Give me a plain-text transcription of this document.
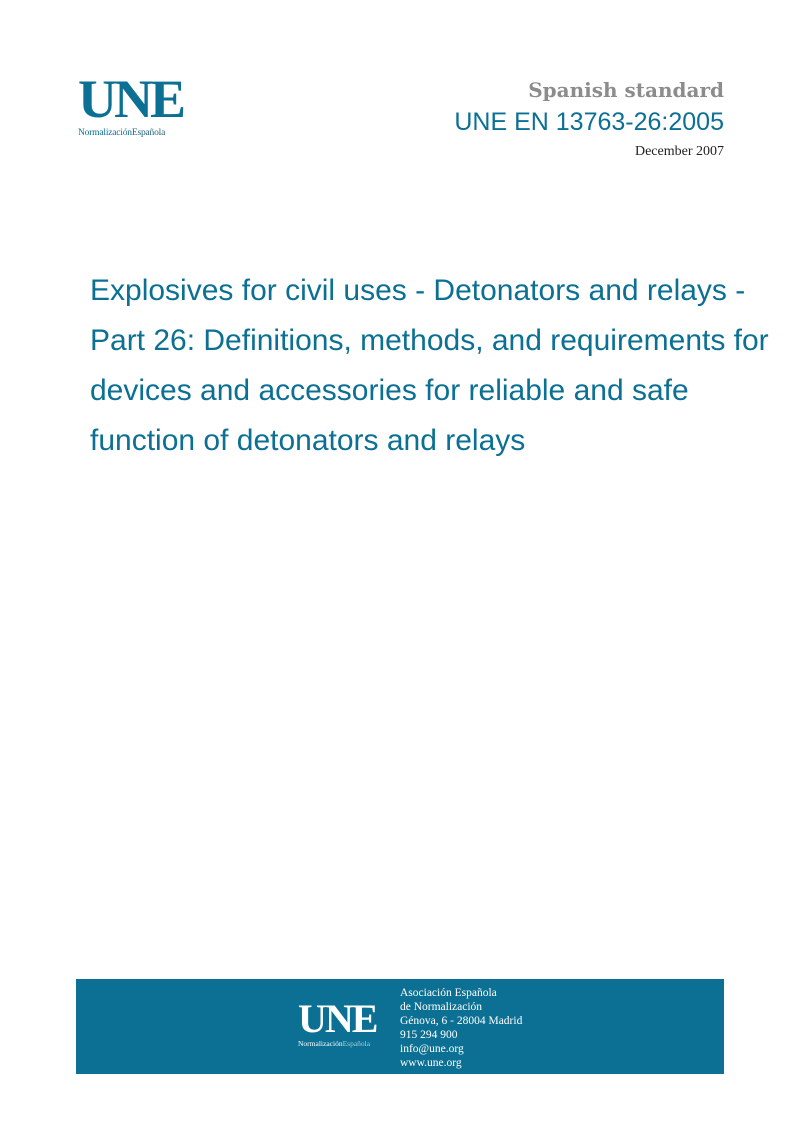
UNE
NormalizaciónEspañola
Spanish standard
UNE EN 13763-26:2005
December 2007
Explosives for civil uses - Detonators and relays - Part 26: Definitions, methods, and requirements for devices and accessories for reliable and safe function of detonators and relays
UNE
NormalizaciónEspañola
Asociación Española
de Normalización
Génova, 6 - 28004 Madrid
915 294 900
info@une.org
www.une.org
